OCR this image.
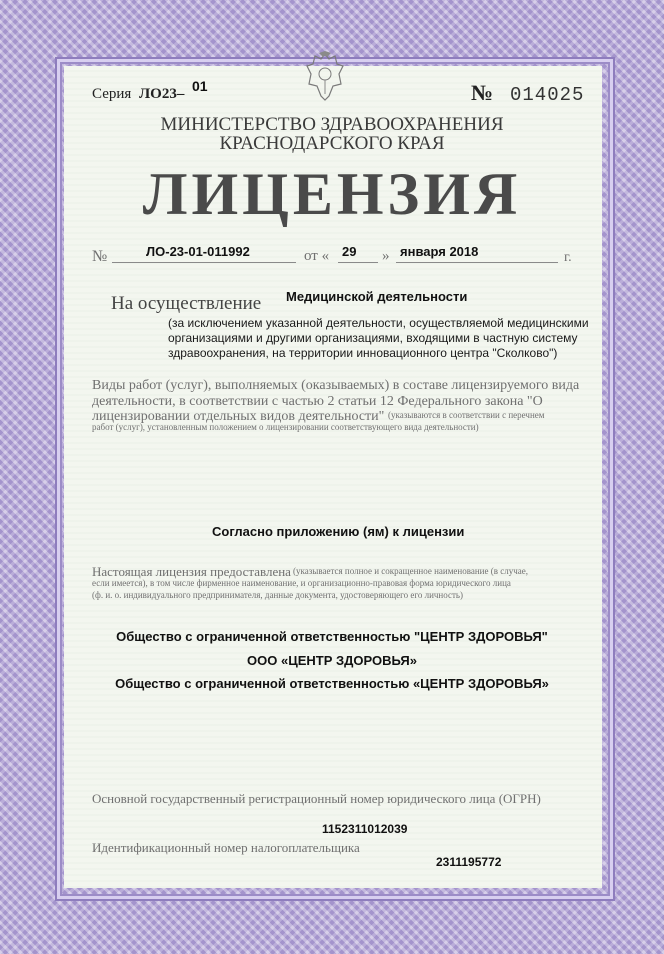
Серия ЛО23– 01	№ 014025
МИНИСТЕРСТВО ЗДРАВООХРАНЕНИЯ
КРАСНОДАРСКОГО КРАЯ
ЛИЦЕНЗИЯ
№	ЛО-23-01-011992	от « 29 » января 2018	г.
На осуществление Медицинской деятельности
(за исключением указанной деятельности, осуществляемой медицинскими
организациями и другими организациями, входящими в частную систему
здравоохранения, на территории инновационного центра "Сколково")
Виды работ (услуг), выполняемых (оказываемых) в составе лицензируемого вида
деятельности, в соответствии с частью 2 статьи 12 Федерального закона "О
лицензировании отдельных видов деятельности" (указываются в соответствии с перечнем
работ (услуг), установленным положением о лицензировании соответствующего вида деятельности)
Согласно приложению (ям) к лицензии
Настоящая лицензия предоставлена (указывается полное и сокращенное наименование (в случае,
если имеется), в том числе фирменное наименование, и организационно-правовая форма юридического лица
(ф. и. о. индивидуального предпринимателя, данные документа, удостоверяющего его личность)
Общество с ограниченной ответственностью "ЦЕНТР ЗДОРОВЬЯ"
ООО «ЦЕНТР ЗДОРОВЬЯ»
Общество с ограниченной ответственностью «ЦЕНТР ЗДОРОВЬЯ»
Основной государственный регистрационный номер юридического лица (ОГРН)
1152311012039
Идентификационный номер налогоплательщика
2311195772
